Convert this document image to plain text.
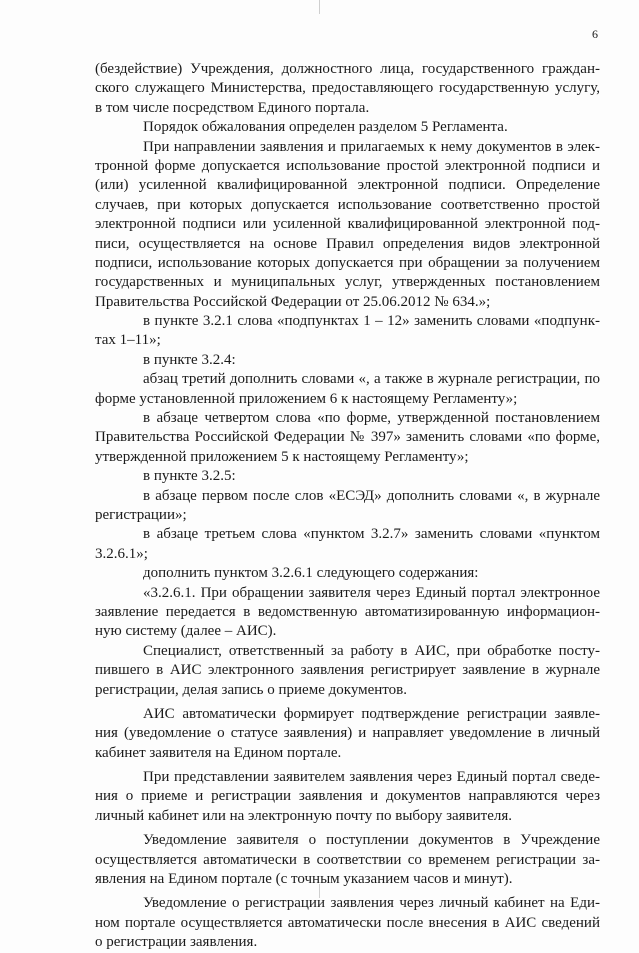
6
(бездействие) Учреждения, должностного лица, государственного граждан-
ского служащего Министерства, предоставляющего государственную услугу,
в том числе посредством Единого портала.
Порядок обжалования определен разделом 5 Регламента.
При направлении заявления и прилагаемых к нему документов в элек-
тронной форме допускается использование простой электронной подписи и
(или) усиленной квалифицированной электронной подписи. Определение
случаев, при которых допускается использование соответственно простой
электронной подписи или усиленной квалифицированной электронной под-
писи, осуществляется на основе Правил определения видов электронной
подписи, использование которых допускается при обращении за получением
государственных и муниципальных услуг, утвержденных постановлением
Правительства Российской Федерации от 25.06.2012 № 634.»;
в пункте 3.2.1 слова «подпунктах 1 – 12» заменить словами «подпунк-
тах 1–11»;
в пункте 3.2.4:
абзац третий дополнить словами «, а также в журнале регистрации, по
форме установленной приложением 6 к настоящему Регламенту»;
в абзаце четвертом слова «по форме, утвержденной постановлением
Правительства Российской Федерации № 397» заменить словами «по форме,
утвержденной приложением 5 к настоящему Регламенту»;
в пункте 3.2.5:
в абзаце первом после слов «ЕСЭД» дополнить словами «, в журнале
регистрации»;
в абзаце третьем слова «пунктом 3.2.7» заменить словами «пунктом
3.2.6.1»;
дополнить пунктом 3.2.6.1 следующего содержания:
«3.2.6.1. При обращении заявителя через Единый портал электронное
заявление передается в ведомственную автоматизированную информацион-
ную систему (далее – АИС).
Специалист, ответственный за работу в АИС, при обработке посту-
пившего в АИС электронного заявления регистрирует заявление в журнале
регистрации, делая запись о приеме документов.
АИС автоматически формирует подтверждение регистрации заявле-
ния (уведомление о статусе заявления) и направляет уведомление в личный
кабинет заявителя на Едином портале.
При представлении заявителем заявления через Единый портал сведе-
ния о приеме и регистрации заявления и документов направляются через
личный кабинет или на электронную почту по выбору заявителя.
Уведомление заявителя о поступлении документов в Учреждение
осуществляется автоматически в соответствии со временем регистрации за-
явления на Едином портале (с точным указанием часов и минут).
Уведомление о регистрации заявления через личный кабинет на Еди-
ном портале осуществляется автоматически после внесения в АИС сведений
о регистрации заявления.
